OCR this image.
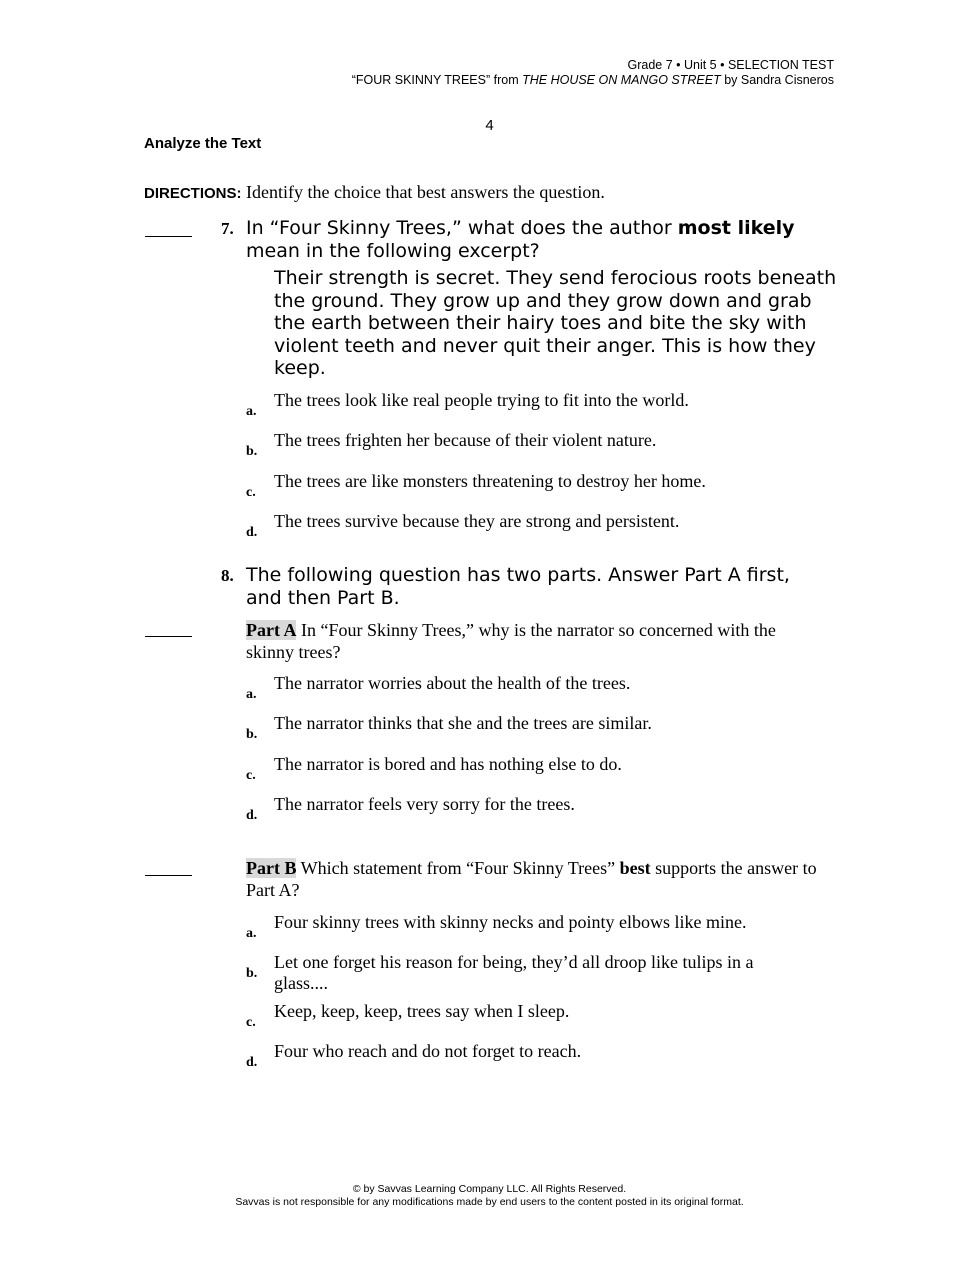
Grade 7 • Unit 5 • SELECTION TEST
“FOUR SKINNY TREES” from THE HOUSE ON MANGO STREET by Sandra Cisneros
4
Analyze the Text
DIRECTIONS: Identify the choice that best answers the question.
7. In “Four Skinny Trees,” what does the author most likely mean in the following excerpt?
Their strength is secret. They send ferocious roots beneath the ground. They grow up and they grow down and grab the earth between their hairy toes and bite the sky with violent teeth and never quit their anger. This is how they keep.
a.
The trees look like real people trying to fit into the world.
b.
The trees frighten her because of their violent nature.
c.
The trees are like monsters threatening to destroy her home.
d.
The trees survive because they are strong and persistent.
8. The following question has two parts. Answer Part A first, and then Part B.
Part A In “Four Skinny Trees,” why is the narrator so concerned with the skinny trees?
a.
The narrator worries about the health of the trees.
b.
The narrator thinks that she and the trees are similar.
c.
The narrator is bored and has nothing else to do.
d.
The narrator feels very sorry for the trees.
Part B Which statement from “Four Skinny Trees” best supports the answer to Part A?
a.
Four skinny trees with skinny necks and pointy elbows like mine.
b.
Let one forget his reason for being, they’d all droop like tulips in a glass....
c.
Keep, keep, keep, trees say when I sleep.
d.
Four who reach and do not forget to reach.
© by Savvas Learning Company LLC. All Rights Reserved.
Savvas is not responsible for any modifications made by end users to the content posted in its original format.
